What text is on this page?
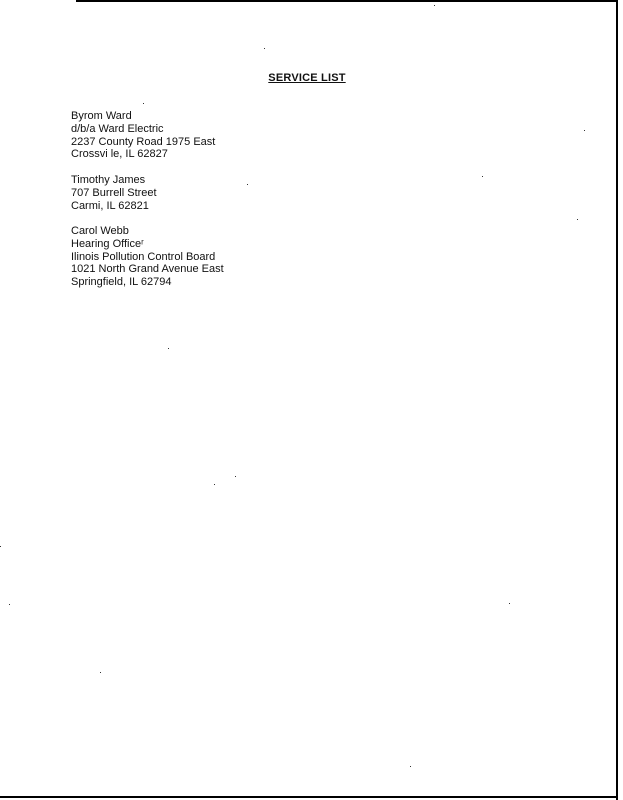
SERVICE LIST
Byrom Ward
d/b/a Ward Electric
2237 County Road 1975 East
Crossvi le, IL 62827
Timothy James
707 Burrell Street
Carmi, IL 62821
Carol Webb
Hearing Officeʳ
Ilinois Pollution Control Board
1021 North Grand Avenue East
Springfield, IL 62794
